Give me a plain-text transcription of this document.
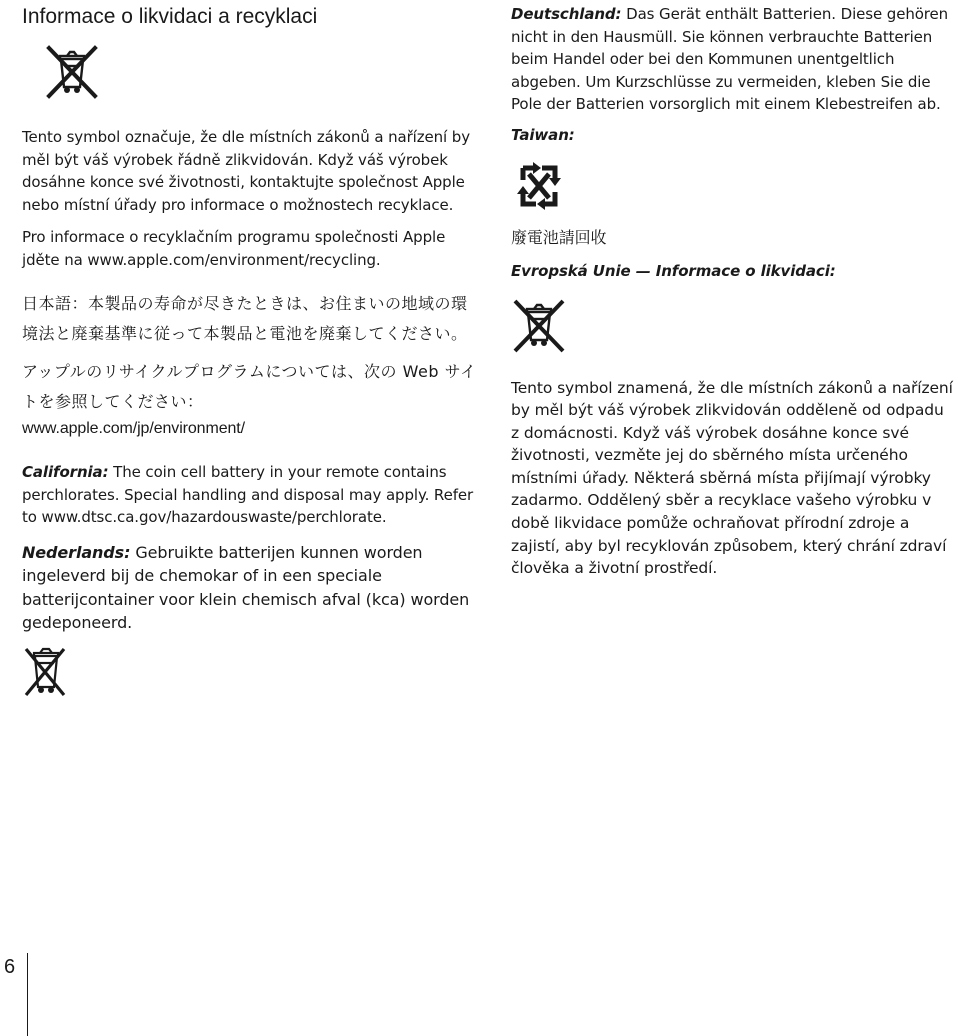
Informace o likvidaci a recyklaci

Tento symbol označuje, že dle místních zákonů a nařízení by měl být váš výrobek řádně zlikvidován. Když váš výrobek dosáhne konce své životnosti, kontaktujte společnost Apple nebo místní úřady pro informace o možnostech recyklace.

Pro informace o recyklačním programu společnosti Apple jděte na www.apple.com/environment/recycling.

日本語：本製品の寿命が尽きたときは、お住まいの地域の環境法と廃棄基準に従って本製品と電池を廃棄してください。

アップルのリサイクルプログラムについては、次の Web サイトを参照してください：

www.apple.com/jp/environment/

California: The coin cell battery in your remote contains perchlorates. Special handling and disposal may apply. Refer to www.dtsc.ca.gov/hazardouswaste/perchlorate.

Nederlands: Gebruikte batterijen kunnen worden ingeleverd bij de chemokar of in een speciale batterijcontainer voor klein chemisch afval (kca) worden gedeponeerd.

Deutschland: Das Gerät enthält Batterien. Diese gehören nicht in den Hausmüll. Sie können verbrauchte Batterien beim Handel oder bei den Kommunen unentgeltlich abgeben. Um Kurzschlüsse zu vermeiden, kleben Sie die Pole der Batterien vorsorglich mit einem Klebestreifen ab.

Taiwan:

廢電池請回收

Evropská Unie — Informace o likvidaci:

Tento symbol znamená, že dle místních zákonů a nařízení by měl být váš výrobek zlikvidován odděleně od odpadu z domácnosti. Když váš výrobek dosáhne konce své životnosti, vezměte jej do sběrného místa určeného místními úřady. Některá sběrná místa přijímají výrobky zadarmo. Oddělený sběr a recyklace vašeho výrobku v době likvidace pomůže ochraňovat přírodní zdroje a zajistí, aby byl recyklován způsobem, který chrání zdraví člověka a životní prostředí.

6
